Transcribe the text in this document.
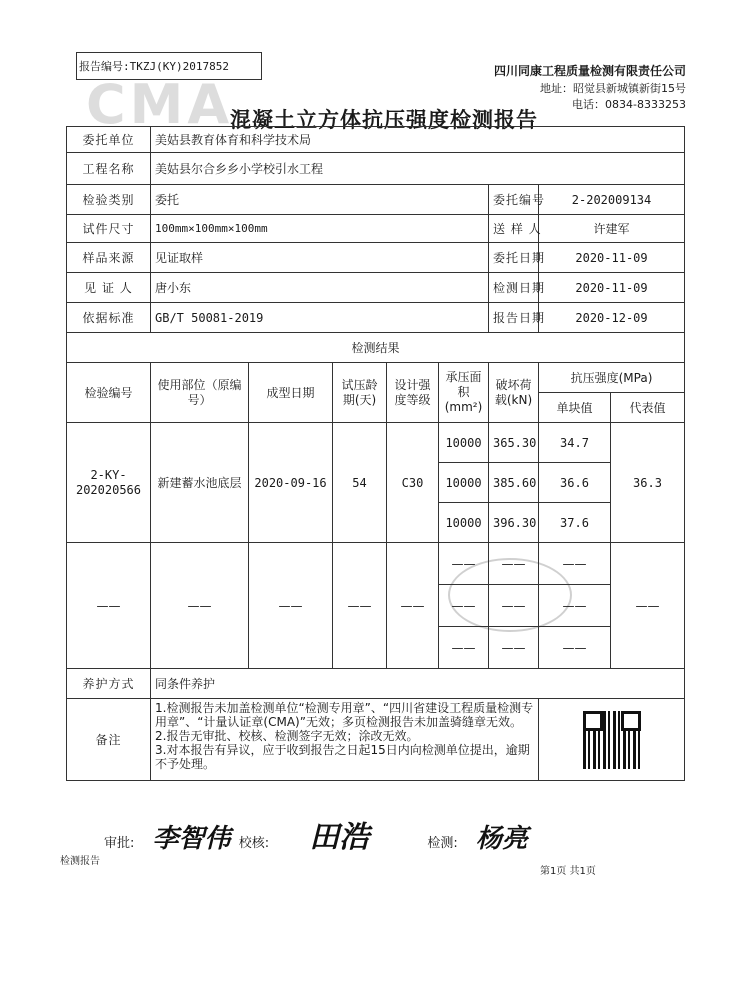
报告编号:TKZJ(KY)2017852
CMA
四川同康工程质量检测有限责任公司
地址：昭觉县新城镇新街15号
电话：0834-8333253
混凝土立方体抗压强度检测报告
委托单位	美姑县教育体育和科学技术局							
工程名称	美姑县尔合乡乡小学校引水工程							
检验类别	委托					委托编号	2-202009134	
试件尺寸	100mm×100mm×100mm					送 样 人	许建军	
样品来源	见证取样					委托日期	2020-11-09	
见 证 人	唐小东					检测日期	2020-11-09	
依据标准	GB/T 50081-2019					报告日期	2020-12-09	
检测结果								
检验编号	使用部位（原编号）	成型日期	试压龄期(天)	设计强度等级	承压面积(mm²)	破坏荷载(kN)	抗压强度(MPa)	
							单块值	代表值
2-KY-202020566	新建蓄水池底层	2020-09-16	54	C30	10000	365.30	34.7	36.3
					10000	385.60	36.6	
					10000	396.30	37.6	
——	——	——	——	——	——	——	——	——
					——	——	——	
					——	——	——	
养护方式	同条件养护							
备注	1.检测报告未加盖检测单位“检测专用章”、“四川省建设工程质量检测专用章”、“计量认证章(CMA)”无效；多页检测报告未加盖骑缝章无效。
2.报告无审批、校核、检测签字无效；涂改无效。
3.对本报告有异议，应于收到报告之日起15日内向检测单位提出，逾期不予处理。							

审批: 李智伟 校核: 田浩	检测: 杨亮
检测报告
第1页 共1页
